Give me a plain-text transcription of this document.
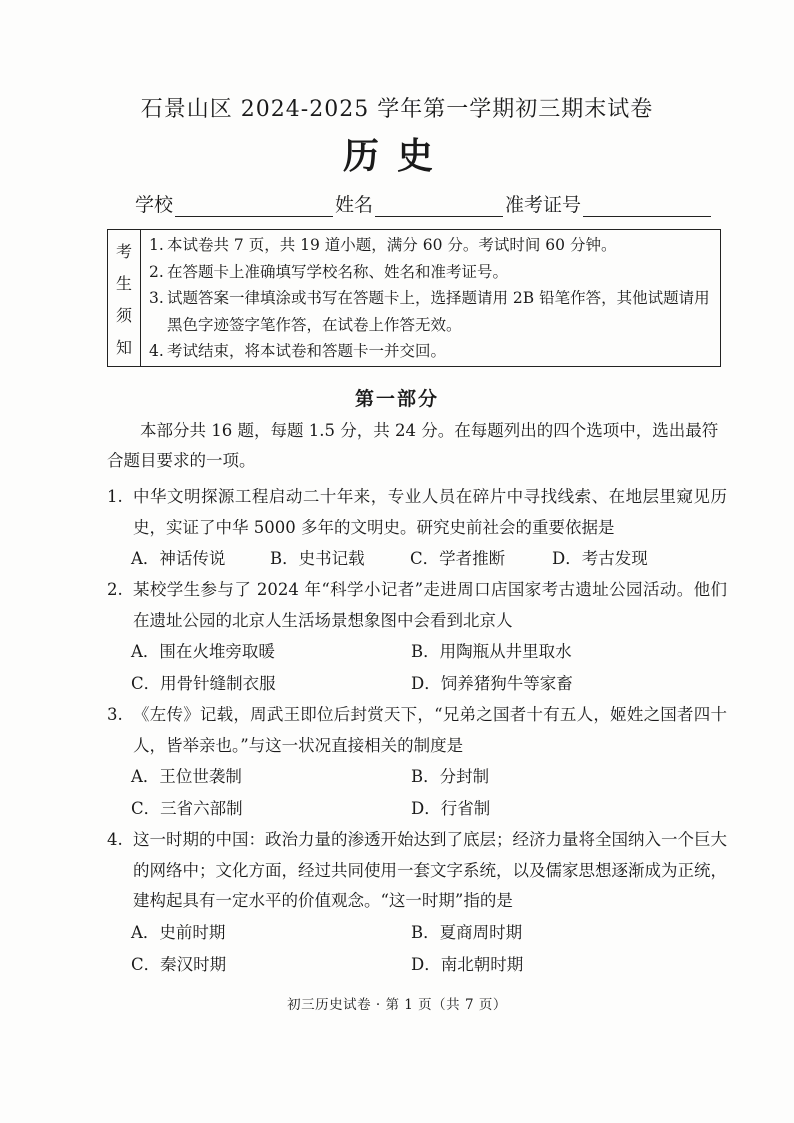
石景山区 2024-2025 学年第一学期初三期末试卷
历史
学校	姓名	准考证号
考
生
须
知
1. 本试卷共 7 页，共 19 道小题，满分 60 分。考试时间 60 分钟。
2. 在答题卡上准确填写学校名称、姓名和准考证号。
3. 试题答案一律填涂或书写在答题卡上，选择题请用 2B 铅笔作答，其他试题请用黑色字迹签字笔作答，在试卷上作答无效。
4. 考试结束，将本试卷和答题卡一并交回。
第一部分
本部分共 16 题，每题 1.5 分，共 24 分。在每题列出的四个选项中，选出最符合题目要求的一项。
1. 中华文明探源工程启动二十年来，专业人员在碎片中寻找线索、在地层里窥见历史，实证了中华 5000 多年的文明史。研究史前社会的重要依据是
A．神话传说	B．史书记载	C．学者推断	D．考古发现
2. 某校学生参与了 2024 年“科学小记者”走进周口店国家考古遗址公园活动。他们在遗址公园的北京人生活场景想象图中会看到北京人
A．围在火堆旁取暖	B．用陶瓶从井里取水
C．用骨针缝制衣服	D．饲养猪狗牛等家畜
3. 《左传》记载，周武王即位后封赏天下，“兄弟之国者十有五人，姬姓之国者四十人，皆举亲也。”与这一状况直接相关的制度是
A．王位世袭制	B．分封制
C．三省六部制	D．行省制
4. 这一时期的中国：政治力量的渗透开始达到了底层；经济力量将全国纳入一个巨大的网络中；文化方面，经过共同使用一套文字系统，以及儒家思想逐渐成为正统，建构起具有一定水平的价值观念。“这一时期”指的是
A．史前时期	B．夏商周时期
C．秦汉时期	D．南北朝时期
初三历史试卷 · 第 1 页（共 7 页）
